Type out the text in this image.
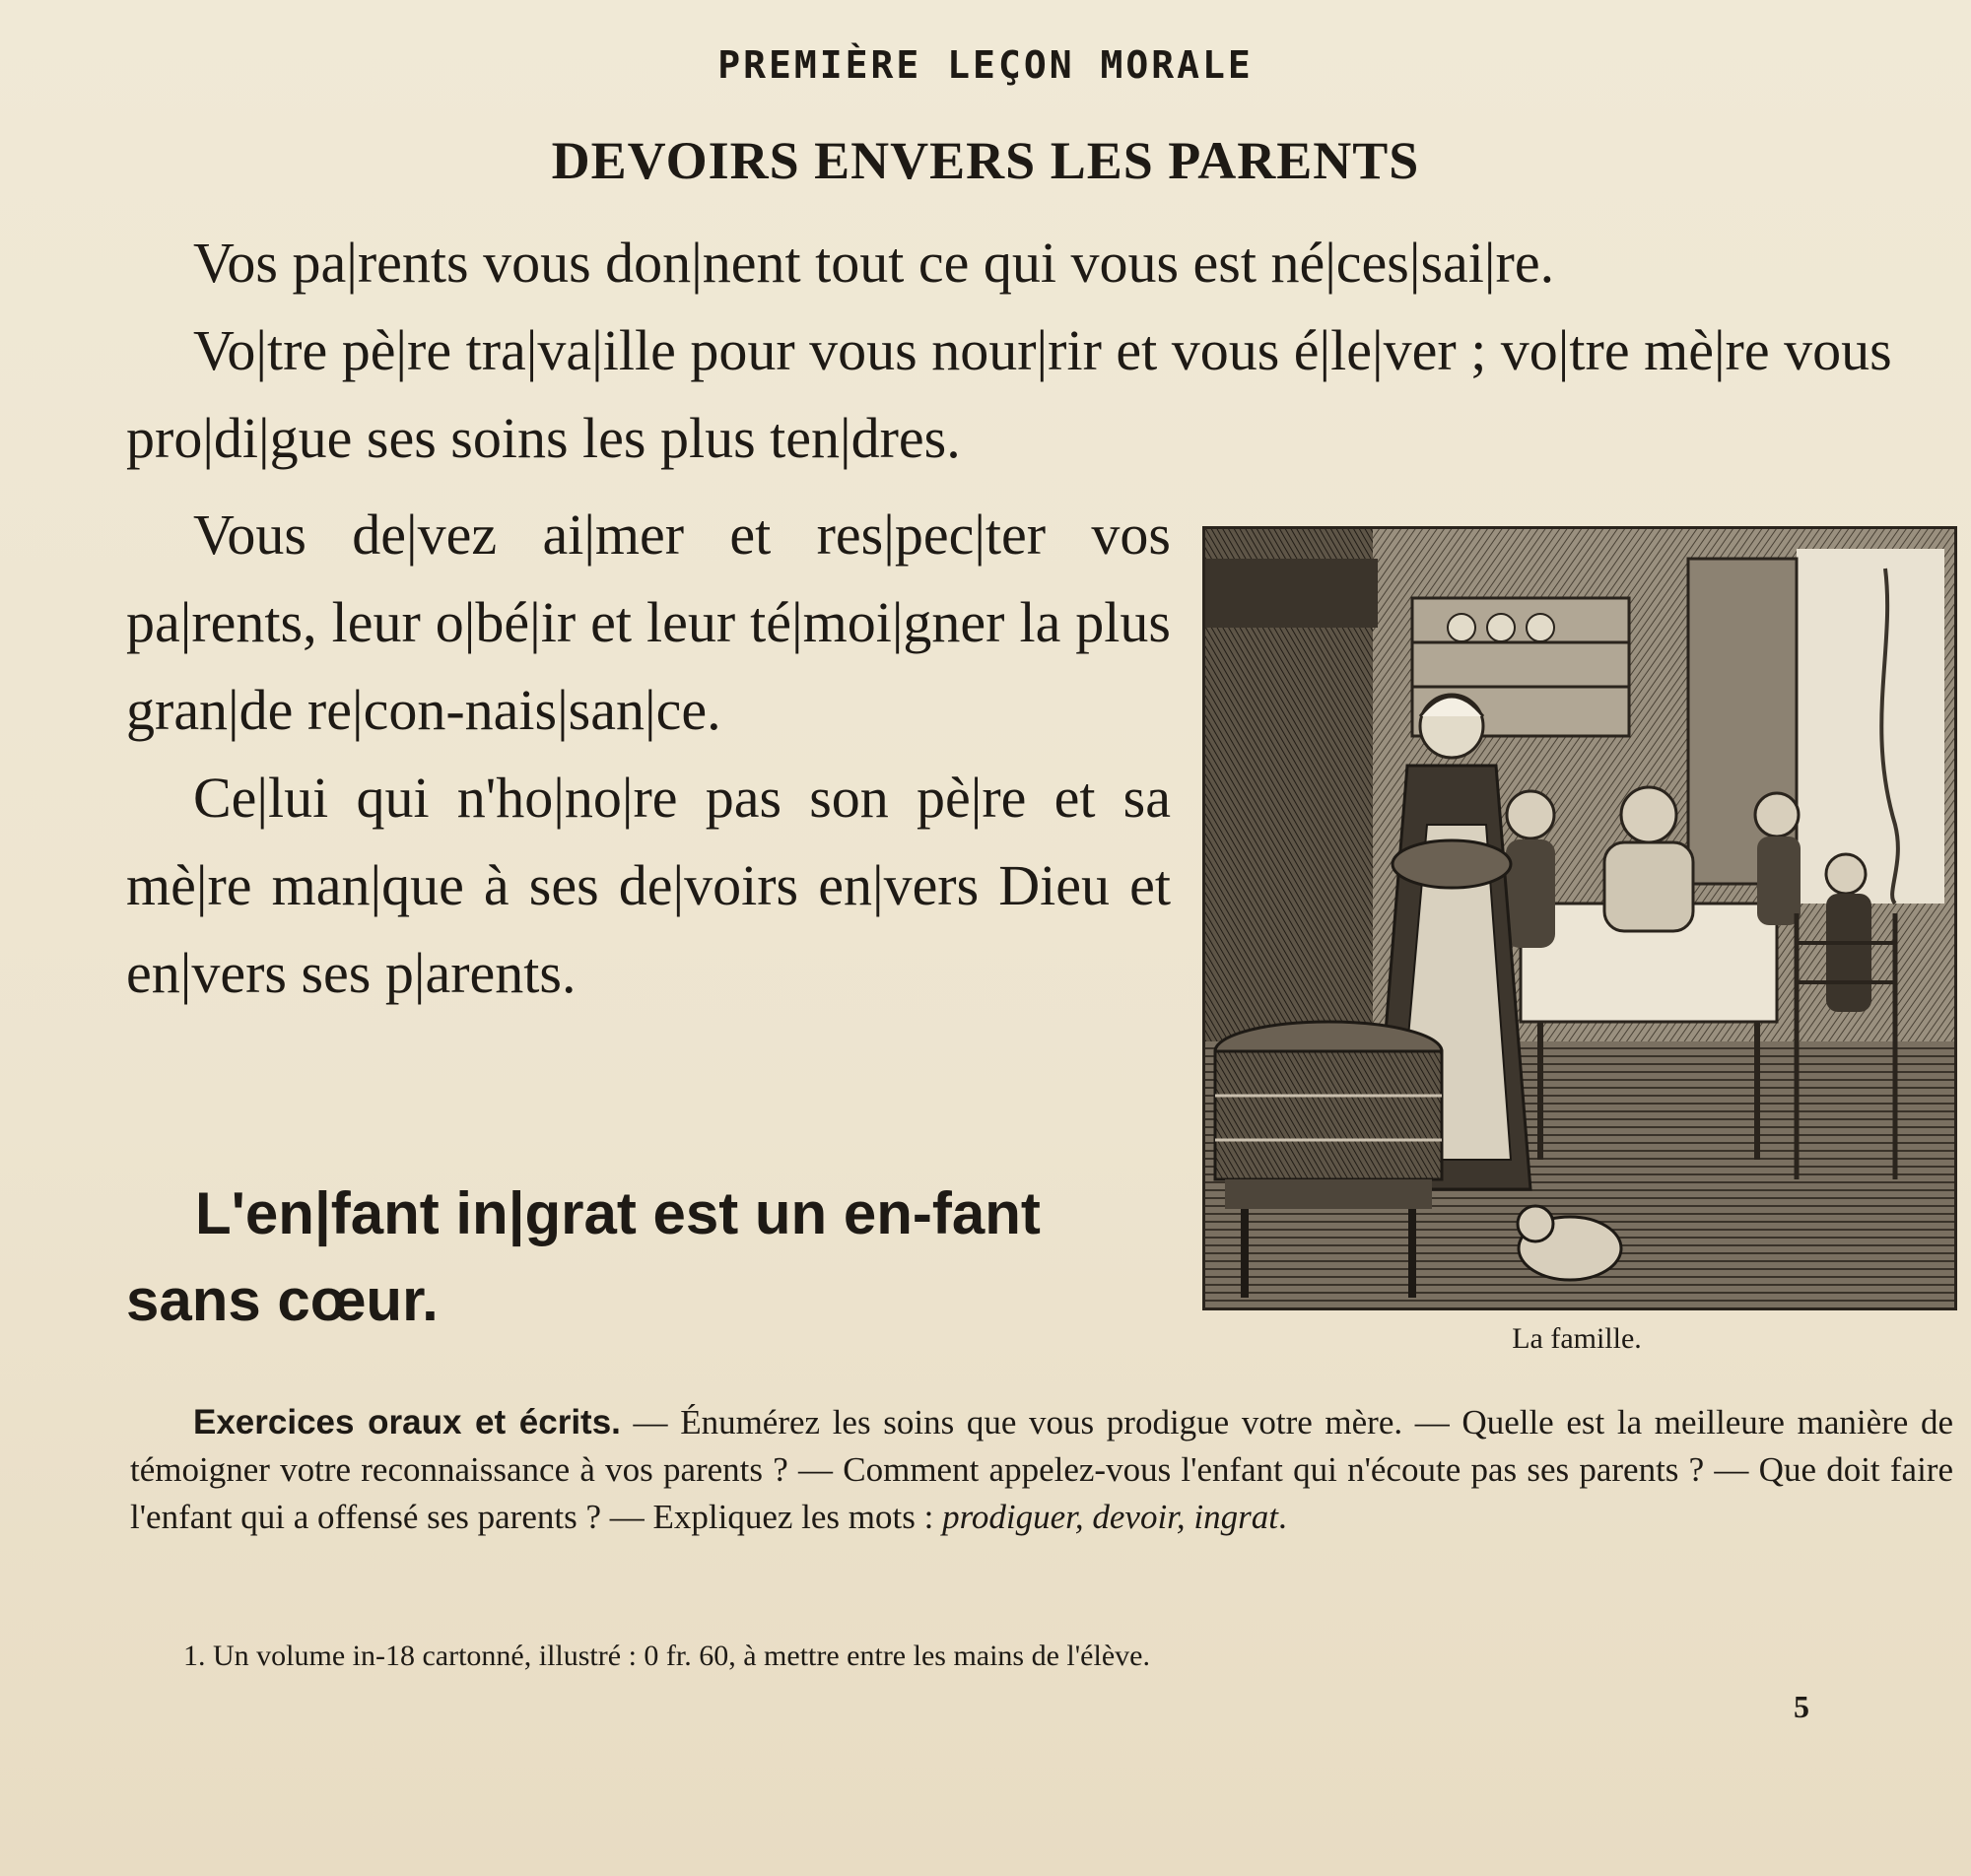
PREMIÈRE LEÇON MORALE
DEVOIRS ENVERS LES PARENTS

Vos pa|rents vous don|nent tout ce qui vous est né|ces|sai|re.

Vo|tre pè|re tra|va|ille pour vous nour|rir et vous é|le|ver ; vo|tre mè|re vous pro|di|gue ses soins les plus ten|dres.

Vous de|vez ai|mer et res|pec|ter vos pa|rents, leur o|bé|ir et leur té|moi|gner la plus gran|de re|con-nais|san|ce.

Ce|lui qui n'ho|no|re pas son pè|re et sa mè|re man|que à ses de|voirs en|vers Dieu et en|vers ses p|arents.

L'en|fant in|grat est un en-fant sans cœur.

La famille.

Exercices oraux et écrits. — Énumérez les soins que vous prodigue votre mère. — Quelle est la meilleure manière de témoigner votre reconnaissance à vos parents ? — Comment appelez-vous l'enfant qui n'écoute pas ses parents ? — Que doit faire l'enfant qui a offensé ses parents ? — Expliquez les mots : prodiguer, devoir, ingrat.

1. Un volume in-18 cartonné, illustré : 0 fr. 60, à mettre entre les mains de l'élève.
5
